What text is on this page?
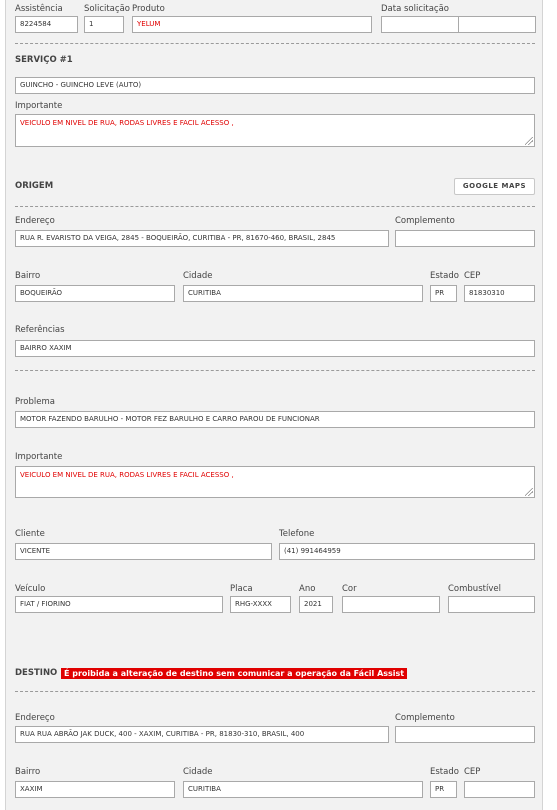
Assistência
8224584
Solicitação
1
Produto
YELUM
Data solicitação
SERVIÇO #1
GUINCHO - GUINCHO LEVE (AUTO)
Importante
VEICULO EM NIVEL DE RUA, RODAS LIVRES E FACIL ACESSO ,
ORIGEM	GOOGLE MAPS
Endereço
RUA R. EVARISTO DA VEIGA, 2845 - BOQUEIRÃO, CURITIBA - PR, 81670-460, BRASIL, 2845
Complemento
Bairro
BOQUEIRÃO
Cidade
CURITIBA
Estado
PR
CEP
81830310
Referências
BAIRRO XAXIM
Problema
MOTOR FAZENDO BARULHO - MOTOR FEZ BARULHO E CARRO PAROU DE FUNCIONAR
Importante
VEICULO EM NIVEL DE RUA, RODAS LIVRES E FACIL ACESSO ,
Cliente
VICENTE
Telefone
(41) 991464959
Veículo
FIAT / FIORINO
Placa
RHG-XXXX
Ano
2021
Cor	Combustível
DESTINO É proibida a alteração de destino sem comunicar a operação da Fácil Assist
Endereço
RUA RUA ABRÃO JAK DUCK, 400 - XAXIM, CURITIBA - PR, 81830-310, BRASIL, 400
Complemento
Bairro
XAXIM
Cidade
CURITIBA
Estado
PR
CEP
